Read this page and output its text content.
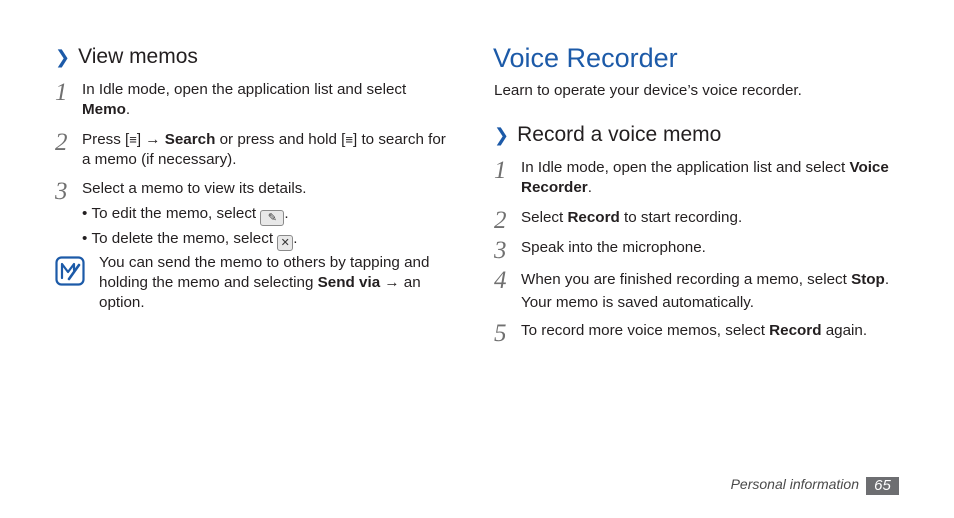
❯ View memos
1 In Idle mode, open the application list and select
Memo.
2 Press [≡] → Search or press and hold [≡] to search for a memo (if necessary).
3 Select a memo to view its details.
• To edit the memo, select ✎ .
• To delete the memo, select ✕ .
You can send the memo to others by tapping and holding the memo and selecting Send via → an option.
Voice Recorder
Learn to operate your device’s voice recorder.
❯ Record a voice memo
1 In Idle mode, open the application list and select Voice Recorder.
2 Select Record to start recording.
3 Speak into the microphone.
4 When you are finished recording a memo, select Stop.
Your memo is saved automatically.
5 To record more voice memos, select Record again.
Personal information	65
